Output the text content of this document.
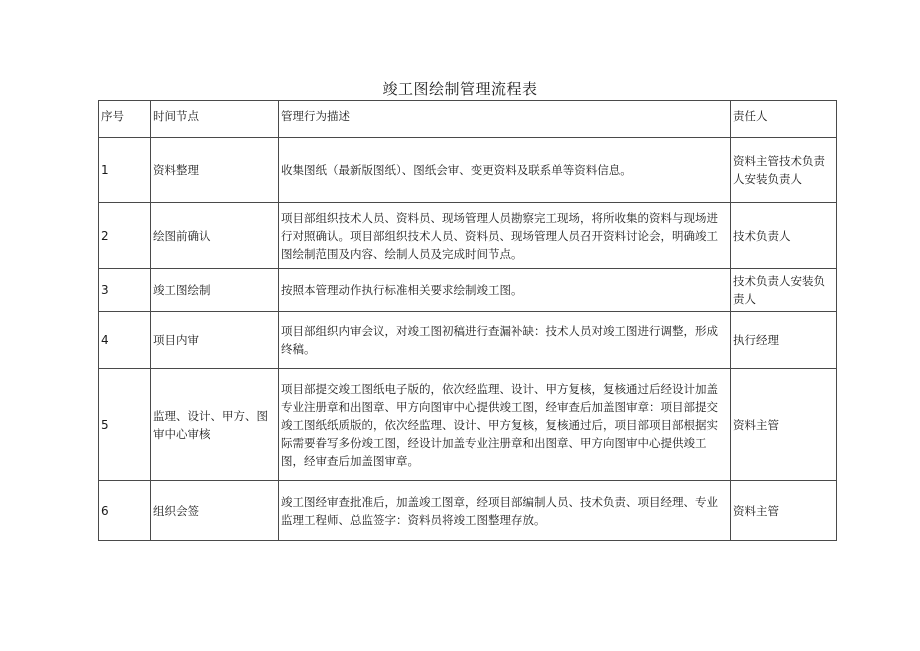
竣工图绘制管理流程表
序号	时间节点	管理行为描述	责任人
1	资料整理	收集图纸（最新版图纸）、图纸会审、变更资料及联系单等资料信息。	资料主管技术负责人安装负责人
2	绘图前确认	项目部组织技术人员、资料员、现场管理人员勘察完工现场，将所收集的资料与现场进行对照确认。项目部组织技术人员、资料员、现场管理人员召开资料讨论会，明确竣工图绘制范围及内容、绘制人员及完成时间节点。	技术负责人
3	竣工图绘制	按照本管理动作执行标准相关要求绘制竣工图。	技术负责人安装负责人
4	项目内审	项目部组织内审会议，对竣工图初稿进行查漏补缺：技术人员对竣工图进行调整，形成终稿。	执行经理
5	监理、设计、甲方、图审中心审核	项目部提交竣工图纸电子版的，依次经监理、设计、甲方复核，复核通过后经设计加盖专业注册章和出图章、甲方向图审中心提供竣工图，经审查后加盖图审章：项目部提交竣工图纸纸质版的，依次经监理、设计、甲方复核，复核通过后，项目部项目部根据实际需要眷写多份竣工图，经设计加盖专业注册章和出图章、甲方向图审中心提供竣工图，经审查后加盖图审章。	资料主管
6	组织会签	竣工图经审查批准后，加盖竣工图章，经项目部编制人员、技术负责、项目经理、专业监理工程师、总监签字：资料员将竣工图整理存放。	资料主管
